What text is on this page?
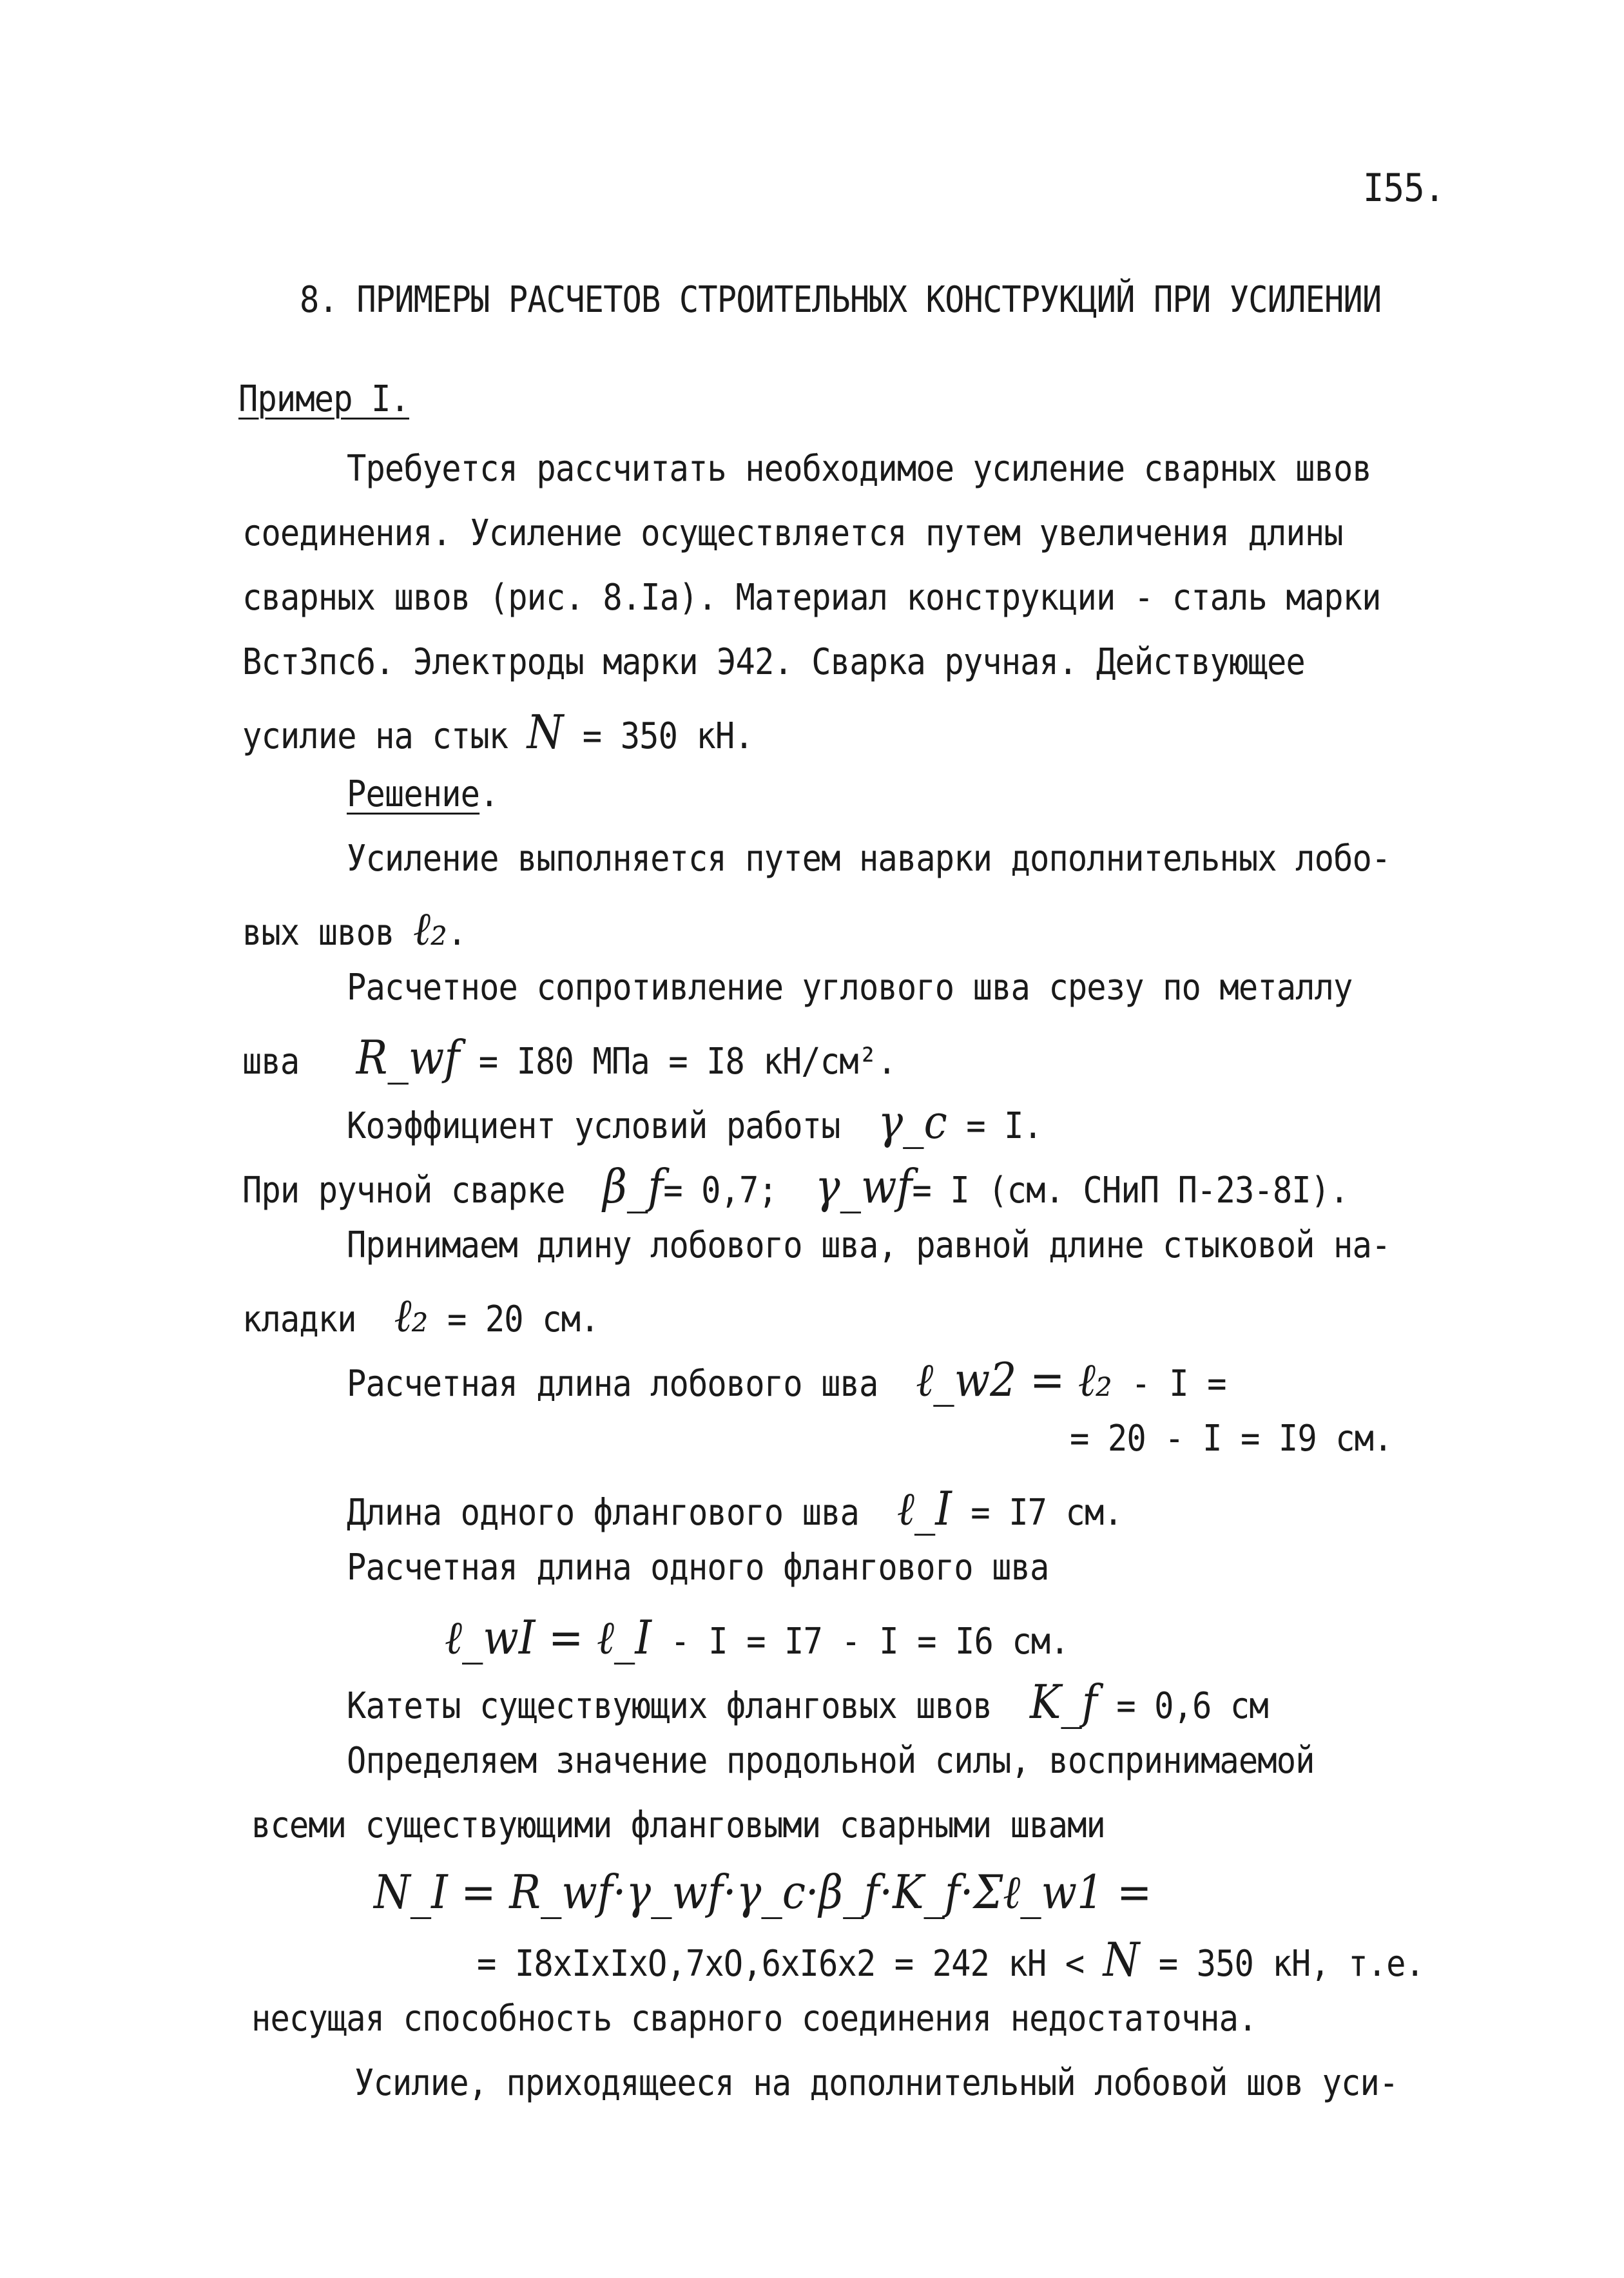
I55.
8. ПРИМЕРЫ РАСЧЕТОВ СТРОИТЕЛЬНЫХ КОНСТРУКЦИЙ ПРИ УСИЛЕНИИ
Пример I.
Требуется рассчитать необходимое усиление сварных швов
соединения. Усиление осуществляется путем увеличения длины
сварных швов (рис. 8.Iа). Материал конструкции - сталь марки
ВстЗпс6. Электроды марки Э42. Сварка ручная. Действующее
усилие на стык N = 350 кН.
Решение.
Усиление выполняется путем наварки дополнительных лобо-
вых швов ℓ₂.
Расчетное сопротивление углового шва срезу по металлу
шва R_wf = I80 МПа = I8 кН/см².
Коэффициент условий работы γ_c = I.
При ручной сварке β_f= 0,7; γ_wf= I (см. СНиП П-23-8I).
Принимаем длину лобового шва, равной длине стыковой на-
кладки ℓ₂ = 20 см.
Расчетная длина лобового шва ℓ_w2 = ℓ₂ - I =
= 20 - I = I9 см.
Длина одного флангового шва ℓ_I = I7 см.
Расчетная длина одного флангового шва
ℓ_wI = ℓ_I - I = I7 - I = I6 см.
Катеты существующих фланговых швов K_f = 0,6 см
Определяем значение продольной силы, воспринимаемой
всеми существующими фланговыми сварными швами
N_I = R_wf·γ_wf·γ_c·β_f·K_f·Σℓ_w1 =
= I8xIxIxO,7xO,6xI6x2 = 242 кН < N = 350 кН, т.е.
несущая способность сварного соединения недостаточна.
Усилие, приходящееся на дополнительный лобовой шов уси-
